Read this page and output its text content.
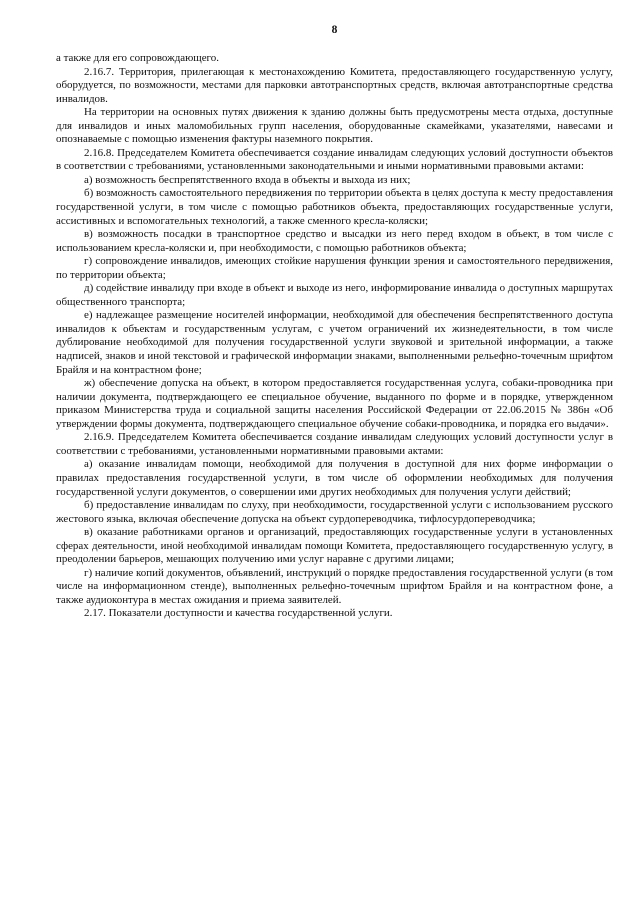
8

а также для его сопровождающего.

2.16.7. Территория, прилегающая к местонахождению Комитета, предоставляющего государственную услугу, оборудуется, по возможности, местами для парковки автотранспортных средств, включая автотранспортные средства инвалидов.

На территории на основных путях движения к зданию должны быть предусмотрены места отдыха, доступные для инвалидов и иных маломобильных групп населения, оборудованные скамейками, указателями, навесами и опознаваемые с помощью изменения фактуры наземного покрытия.

2.16.8. Председателем Комитета обеспечивается создание инвалидам следующих условий доступности объектов в соответствии с требованиями, установленными законодательными и иными нормативными правовыми актами:

а) возможность беспрепятственного входа в объекты и выхода из них;

б) возможность самостоятельного передвижения по территории объекта в целях доступа к месту предоставления государственной услуги, в том числе с помощью работников объекта, предоставляющих государственные услуги, ассистивных и вспомогательных технологий, а также сменного кресла-коляски;

в) возможность посадки в транспортное средство и высадки из него перед входом в объект, в том числе с использованием кресла-коляски и, при необходимости, с помощью работников объекта;

г) сопровождение инвалидов, имеющих стойкие нарушения функции зрения и самостоятельного передвижения, по территории объекта;

д) содействие инвалиду при входе в объект и выходе из него, информирование инвалида о доступных маршрутах общественного транспорта;

е) надлежащее размещение носителей информации, необходимой для обеспечения беспрепятственного доступа инвалидов к объектам и государственным услугам, с учетом ограничений их жизнедеятельности, в том числе дублирование необходимой для получения государственной услуги звуковой и зрительной информации, а также надписей, знаков и иной текстовой и графической информации знаками, выполненными рельефно-точечным шрифтом Брайля и на контрастном фоне;

ж) обеспечение допуска на объект, в котором предоставляется государственная услуга, собаки-проводника при наличии документа, подтверждающего ее специальное обучение, выданного по форме и в порядке, утвержденном приказом Министерства труда и социальной защиты населения Российской Федерации от 22.06.2015 № 386н «Об утверждении формы документа, подтверждающего специальное обучение собаки-проводника, и порядка его выдачи».

2.16.9. Председателем Комитета обеспечивается создание инвалидам следующих условий доступности услуг в соответствии с требованиями, установленными нормативными правовыми актами:

а) оказание инвалидам помощи, необходимой для получения в доступной для них форме информации о правилах предоставления государственной услуги, в том числе об оформлении необходимых для получения государственной услуги документов, о совершении ими других необходимых для получения услуги действий;

б) предоставление инвалидам по слуху, при необходимости, государственной услуги с использованием русского жестового языка, включая обеспечение допуска на объект сурдопереводчика, тифлосурдопереводчика;

в) оказание работниками органов и организаций, предоставляющих государственные услуги в установленных сферах деятельности, иной необходимой инвалидам помощи Комитета, предоставляющего государственную услугу, в преодолении барьеров, мешающих получению ими услуг наравне с другими лицами;

г) наличие копий документов, объявлений, инструкций о порядке предоставления государственной услуги (в том числе на информационном стенде), выполненных рельефно-точечным шрифтом Брайля и на контрастном фоне, а также аудиоконтура в местах ожидания и приема заявителей.

2.17. Показатели доступности и качества государственной услуги.
